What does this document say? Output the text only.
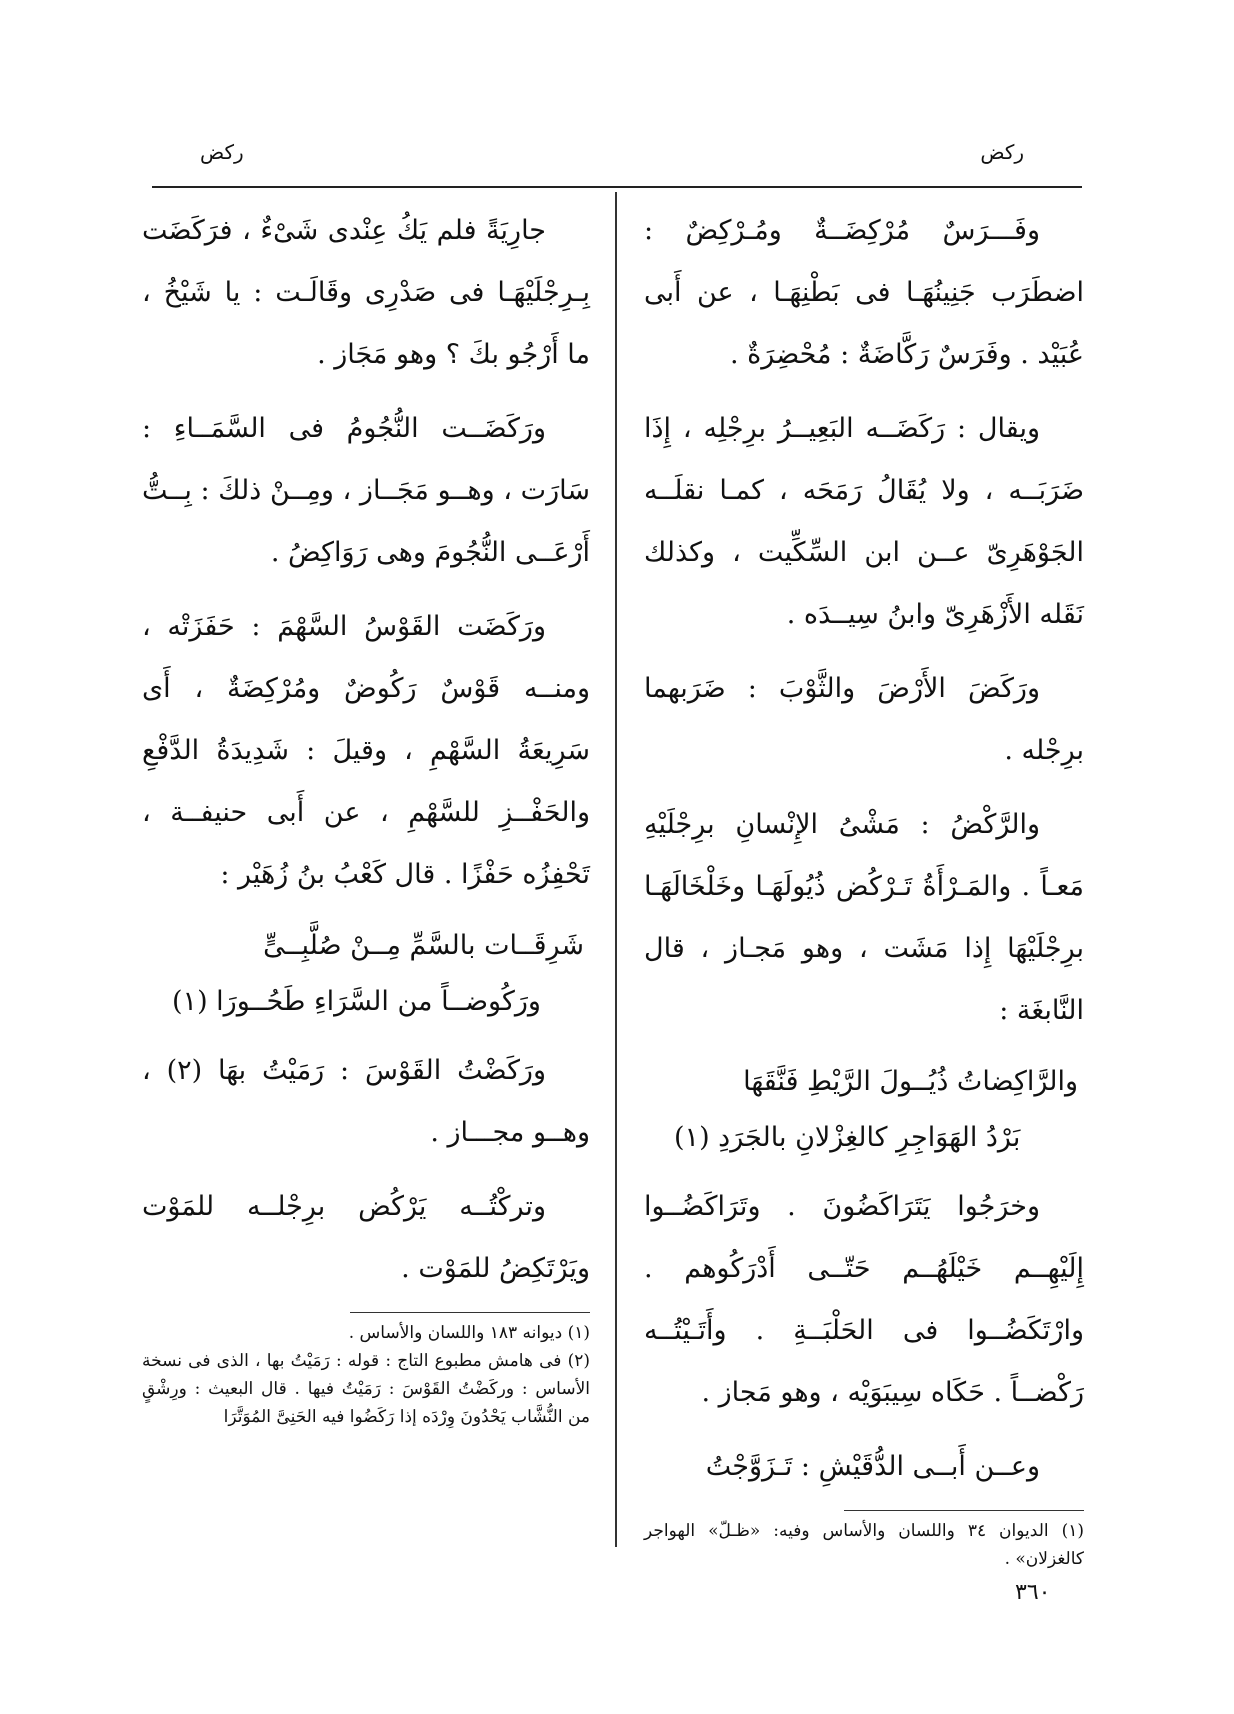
ركض
ركض

وفَـــرَسٌ مُرْكِضَــةٌ ومُـرْكِضٌ : اضطَرَب جَنِينُهَـا فى بَطْنِهَـا ، عن أَبى عُبَيْد . وفَرَسٌ رَكَّاضَةٌ : مُحْضِرَةٌ .

ويقال : رَكَضَــه البَعِيــرُ برِجْلِه ، إِذَا ضَرَبَــه ، ولا يُقَالُ رَمَحَه ، كمـا نقلَــه الجَوْهَرِىّ عــن ابن السِّكِّيت ، وكذلك نَقَله الأَزْهَرِىّ وابنُ سِيــدَه .

ورَكَضَ الأَرْضَ والثَّوْبَ : ضَرَبهما برِجْله .

والرَّكْضُ : مَشْىُ الإِنْسانِ برِجْلَيْهِ مَعـاً . والمَـرْأَةُ تَـرْكُض ذُيُولَهَـا وخَلْخَالَهَـا برِجْلَيْهَا إِذا مَشَت ، وهو مَجـاز ، قال النَّابغَة :

والرَّاكِضاتُ ذُيُــولَ الرَّيْطِ فَنَّقَهَا
بَرْدُ الهَوَاجِرِ كالغِزْلانِ بالجَرَدِ (١)

وخرَجُوا يَتَرَاكَضُونَ . وتَرَاكَضُــوا إِلَيْهِــم خَيْلَهُــم حَتّــى أَدْرَكُوهم . وارْتَكَضُــوا فى الحَلْبَــةِ . وأَتَـيْتُــه رَكْضــاً . حَكَاه سِيبَوَيْه ، وهو مَجاز .

وعــن أَبــى الدُّقَيْشِ : تَـزَوَّجْتُ

(١) الديوان ٣٤ واللسان والأساس وفيه: «ظـلّ» الهواجر كالغزلان» .

جارِيَةً فلم يَكُ عِنْدى شَىْءٌ ، فرَكَضَت بِـرِجْلَيْهَـا فى صَدْرِى وقَالَـت : يا شَيْخُ ، ما أَرْجُو بكَ ؟ وهو مَجَاز .

ورَكَضَــت النُّجُومُ فى السَّمَــاءِ : سَارَت ، وهــو مَجَــاز ، ومِــنْ ذلكَ : بِــتُّ أَرْعَــى النُّجُومَ وهى رَوَاكِضُ .

ورَكَضَت القَوْسُ السَّهْمَ : حَفَزَتْه ، ومنــه قَوْسٌ رَكُوضٌ ومُرْكِضَةٌ ، أَى سَرِيعَةُ السَّهْمِ ، وقيلَ : شَدِيدَةُ الدَّفْعِ والحَفْــزِ للسَّهْمِ ، عن أَبى حنيفــة ، تَحْفِزُه حَفْزًا . قال كَعْبُ بنُ زُهَيْر :

شَرِقَــات بالسَّمِّ مِــنْ صُلَّبِــىٍّ
ورَكُوضــاً من السَّرَاءِ طَحُــورَا (١)

ورَكَضْتُ القَوْسَ : رَمَيْتُ بهَا (٢) ، وهــو مجـــاز .

وتركْتُــه يَرْكُض برِجْلــه للمَوْت ويَرْتَكِضُ للمَوْت .

(١) ديوانه ١٨٣ واللسان والأساس .

(٢) فى هامش مطبوع التاج : قوله : رَمَيْتُ بها ، الذى فى نسخة الأساس : وركَضْتُ القَوْسَ : رَمَيْتُ فيها . قال البعيث : ورِشْقٍ من النُّشَّاب يَحْدُونَ وِرْدَه إذا رَكَضُوا فيه الحَنِىَّ المُوَتَّرَا

٣٦٠
